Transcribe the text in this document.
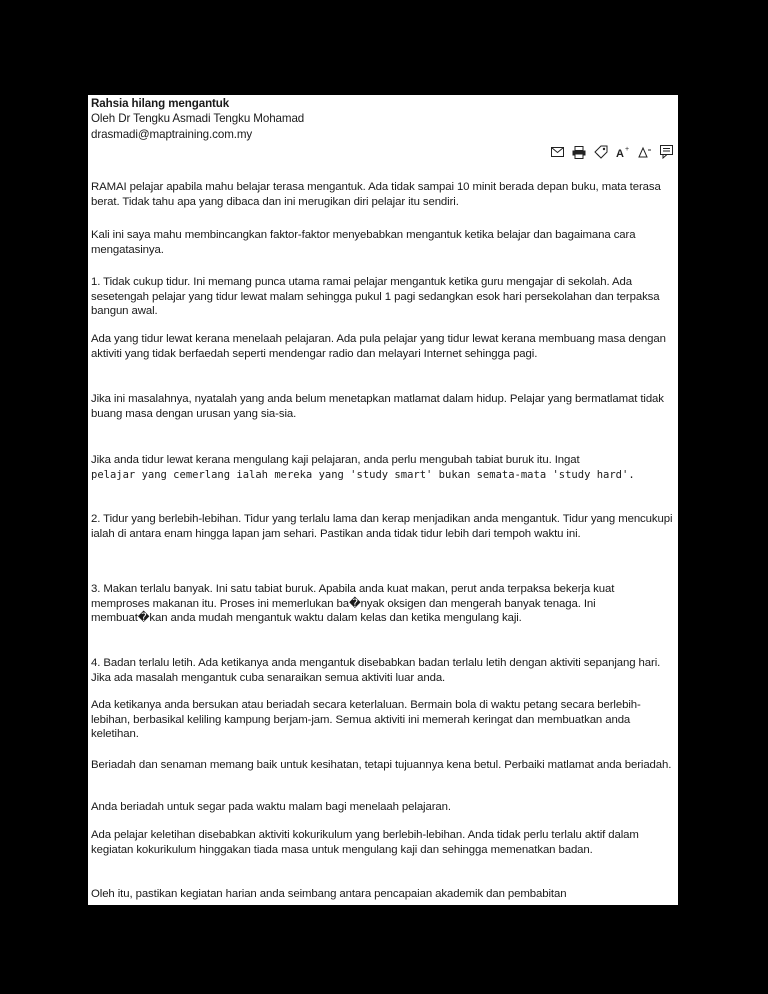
Rahsia hilang mengantuk

Oleh Dr Tengku Asmadi Tengku Mohamad

drasmadi@maptraining.com.my

A +

RAMAI pelajar apabila mahu belajar terasa mengantuk. Ada tidak sampai 10 minit berada depan buku, mata terasa berat. Tidak tahu apa yang dibaca dan ini merugikan diri pelajar itu sendiri.

Kali ini saya mahu membincangkan faktor-faktor menyebabkan mengantuk ketika belajar dan bagaimana cara mengatasinya.

1. Tidak cukup tidur. Ini memang punca utama ramai pelajar mengantuk ketika guru mengajar di sekolah. Ada sesetengah pelajar yang tidur lewat malam sehingga pukul 1 pagi sedangkan esok hari persekolahan dan terpaksa bangun awal.

Ada yang tidur lewat kerana menelaah pelajaran. Ada pula pelajar yang tidur lewat kerana membuang masa dengan aktiviti yang tidak berfaedah seperti mendengar radio dan melayari Internet sehingga pagi.

Jika ini masalahnya, nyatalah yang anda belum menetapkan matlamat dalam hidup. Pelajar yang bermatlamat tidak buang masa dengan urusan yang sia-sia.

Jika anda tidur lewat kerana mengulang kaji pelajaran, anda perlu mengubah tabiat buruk itu. Ingat

pelajar yang cemerlang ialah mereka yang 'study smart' bukan semata-mata 'study hard'.

2. Tidur yang berlebih-lebihan. Tidur yang terlalu lama dan kerap menjadikan anda mengantuk. Tidur yang mencukupi ialah di antara enam hingga lapan jam sehari. Pastikan anda tidak tidur lebih dari tempoh waktu ini.

3. Makan terlalu banyak. Ini satu tabiat buruk. Apabila anda kuat makan, perut anda terpaksa bekerja kuat memproses makanan itu. Proses ini memerlukan ba�nyak oksigen dan mengerah banyak tenaga. Ini membuat�kan anda mudah mengantuk waktu dalam kelas dan ketika mengulang kaji.

4. Badan terlalu letih. Ada ketikanya anda mengantuk disebabkan badan terlalu letih dengan aktiviti sepanjang hari. Jika ada masalah mengantuk cuba senaraikan semua aktiviti luar anda.

Ada ketikanya anda bersukan atau beriadah secara keterlaluan. Bermain bola di waktu petang secara berlebih-lebihan, berbasikal keliling kampung berjam-jam. Semua aktiviti ini memerah keringat dan membuatkan anda keletihan.

Beriadah dan senaman memang baik untuk kesihatan, tetapi tujuannya kena betul. Perbaiki matlamat anda beriadah.

Anda beriadah untuk segar pada waktu malam bagi menelaah pelajaran.

Ada pelajar keletihan disebabkan aktiviti kokurikulum yang berlebih-lebihan. Anda tidak perlu terlalu aktif dalam kegiatan kokurikulum hinggakan tiada masa untuk mengulang kaji dan sehingga memenatkan badan.

Oleh itu, pastikan kegiatan harian anda seimbang antara pencapaian akademik dan pembabitan
